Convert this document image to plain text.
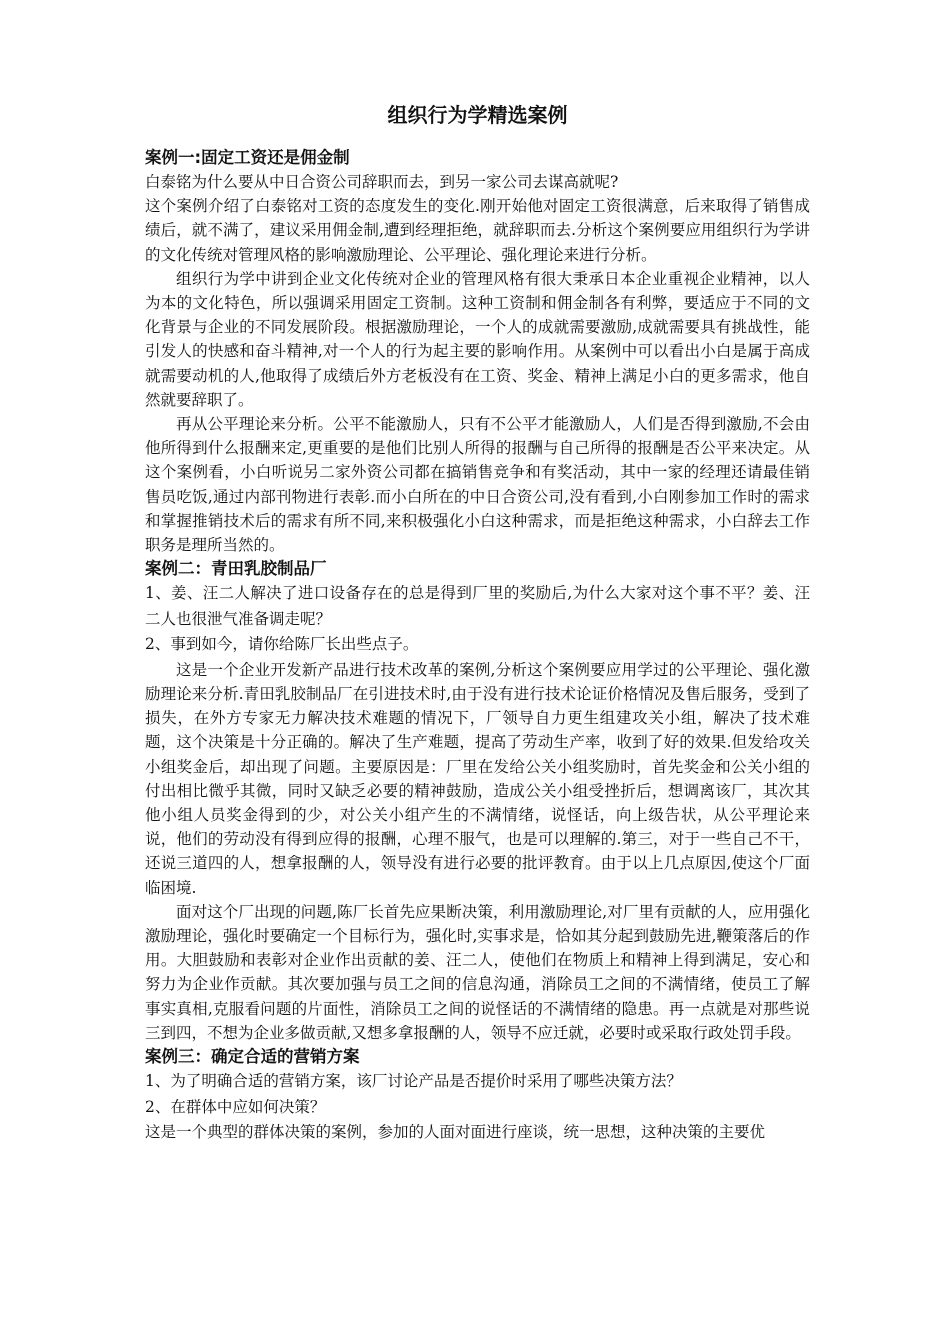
组织行为学精选案例
案例一:固定工资还是佣金制

白泰铭为什么要从中日合资公司辞职而去，到另一家公司去谋高就呢?

这个案例介绍了白泰铭对工资的态度发生的变化.刚开始他对固定工资很满意，后来取得了销售成绩后，就不满了，建议采用佣金制,遭到经理拒绝，就辞职而去.分析这个案例要应用组织行为学讲的文化传统对管理风格的影响激励理论、公平理论、强化理论来进行分析。

组织行为学中讲到企业文化传统对企业的管理风格有很大秉承日本企业重视企业精神，以人为本的文化特色，所以强调采用固定工资制。这种工资制和佣金制各有利弊，要适应于不同的文化背景与企业的不同发展阶段。根据激励理论，一个人的成就需要激励,成就需要具有挑战性，能引发人的快感和奋斗精神,对一个人的行为起主要的影响作用。从案例中可以看出小白是属于高成就需要动机的人,他取得了成绩后外方老板没有在工资、奖金、精神上满足小白的更多需求，他自然就要辞职了。

再从公平理论来分析。公平不能激励人，只有不公平才能激励人，人们是否得到激励,不会由他所得到什么报酬来定,更重要的是他们比别人所得的报酬与自己所得的报酬是否公平来决定。从这个案例看，小白听说另二家外资公司都在搞销售竞争和有奖活动，其中一家的经理还请最佳销售员吃饭,通过内部刊物进行表彰.而小白所在的中日合资公司,没有看到,小白刚参加工作时的需求和掌握推销技术后的需求有所不同,来积极强化小白这种需求，而是拒绝这种需求，小白辞去工作职务是理所当然的。

案例二：青田乳胶制品厂

1、姜、汪二人解决了进口设备存在的总是得到厂里的奖励后,为什么大家对这个事不平？姜、汪二人也很泄气准备调走呢？

2、事到如今，请你给陈厂长出些点子。

这是一个企业开发新产品进行技术改革的案例,分析这个案例要应用学过的公平理论、强化激励理论来分析.青田乳胶制品厂在引进技术时,由于没有进行技术论证价格情况及售后服务，受到了损失，在外方专家无力解决技术难题的情况下，厂领导自力更生组建攻关小组，解决了技术难题，这个决策是十分正确的。解决了生产难题，提高了劳动生产率，收到了好的效果.但发给攻关小组奖金后，却出现了问题。主要原因是：厂里在发给公关小组奖励时，首先奖金和公关小组的付出相比微乎其微，同时又缺乏必要的精神鼓励，造成公关小组受挫折后，想调离该厂，其次其他小组人员奖金得到的少，对公关小组产生的不满情绪，说怪话，向上级告状，从公平理论来说，他们的劳动没有得到应得的报酬，心理不服气，也是可以理解的.第三，对于一些自己不干，还说三道四的人，想拿报酬的人，领导没有进行必要的批评教育。由于以上几点原因,使这个厂面临困境.

面对这个厂出现的问题,陈厂长首先应果断决策，利用激励理论,对厂里有贡献的人，应用强化激励理论，强化时要确定一个目标行为，强化时,实事求是，恰如其分起到鼓励先进,鞭策落后的作用。大胆鼓励和表彰对企业作出贡献的姜、汪二人，使他们在物质上和精神上得到满足，安心和努力为企业作贡献。其次要加强与员工之间的信息沟通，消除员工之间的不满情绪，使员工了解事实真相,克服看问题的片面性，消除员工之间的说怪话的不满情绪的隐患。再一点就是对那些说三到四，不想为企业多做贡献,又想多拿报酬的人，领导不应迁就，必要时或采取行政处罚手段。

案例三：确定合适的营销方案

1、为了明确合适的营销方案，该厂讨论产品是否提价时采用了哪些决策方法？

2、在群体中应如何决策？

这是一个典型的群体决策的案例，参加的人面对面进行座谈，统一思想，这种决策的主要优
